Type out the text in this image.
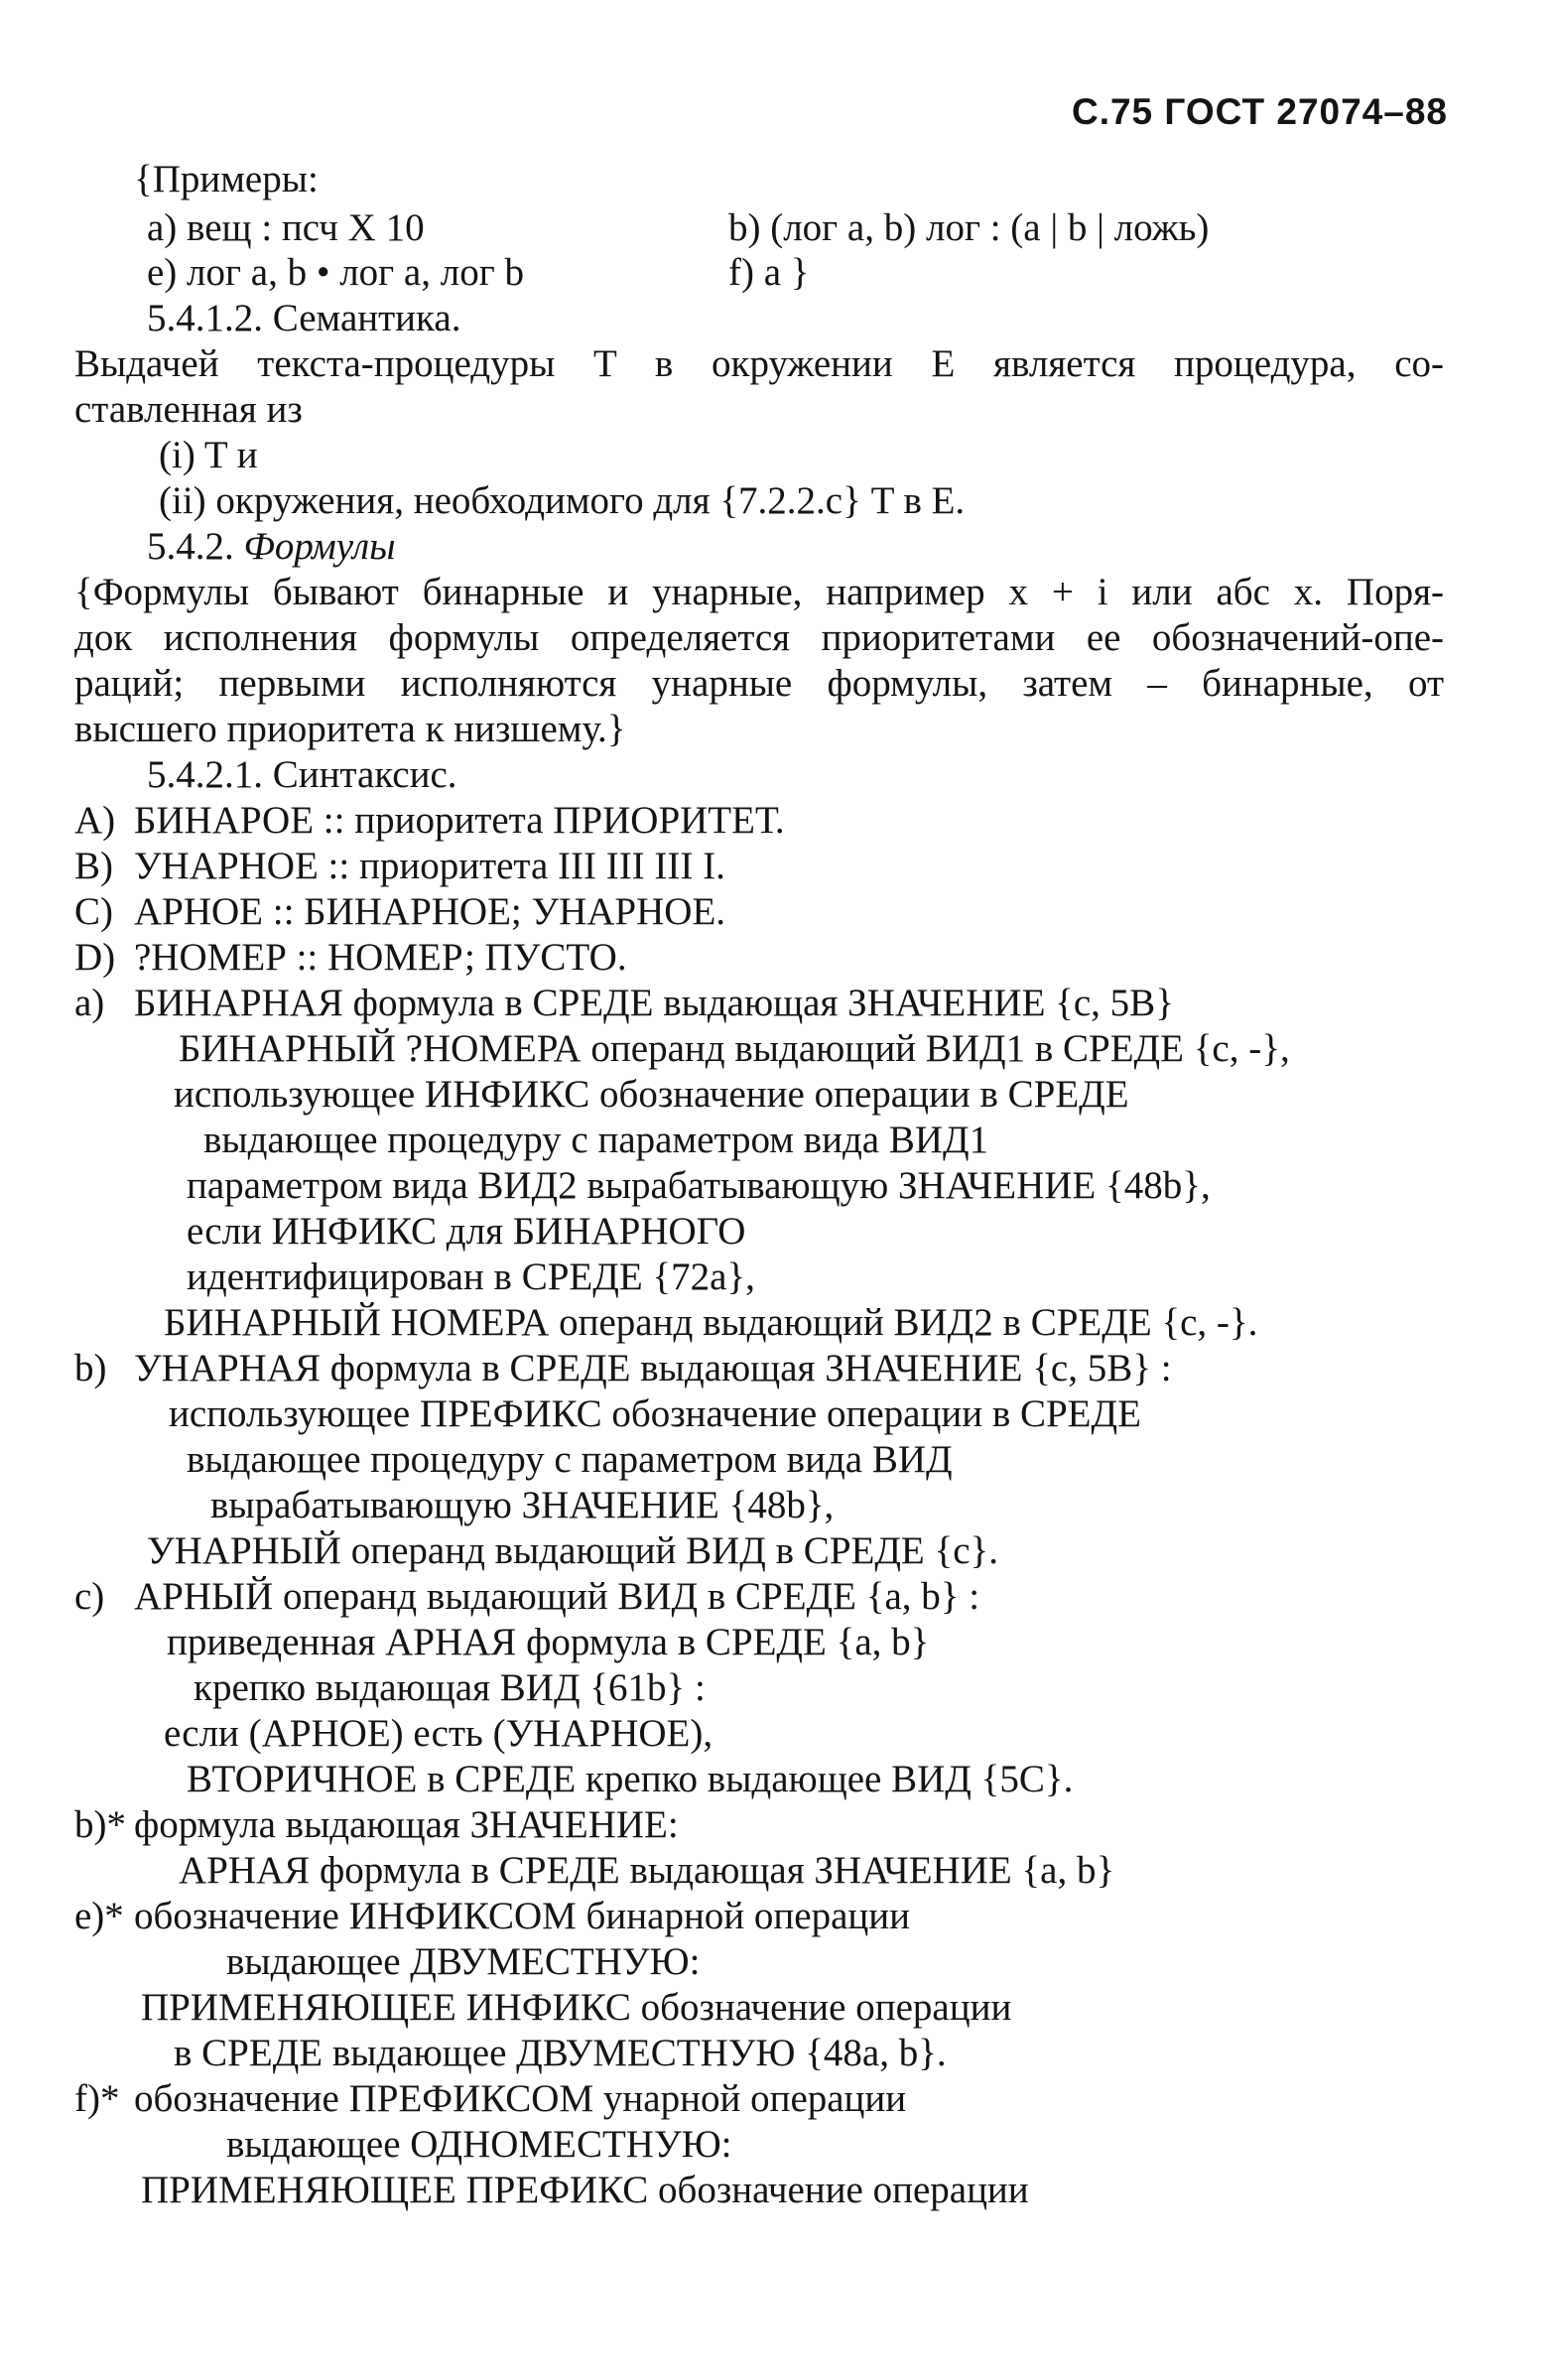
С.75 ГОСТ 27074–88
{Примеры:
a) вещ : псч X 10	b) (лог a, b) лог : (a | b | ложь)
e) лог a, b • лог a, лог b	f) a }
5.4.1.2. Семантика.
Выдачей текста-процедуры T в окружении E является процедура, со-
ставленная из
(i) T и
(ii) окружения, необходимого для {7.2.2.c} T в E.
5.4.2. Формулы
{Формулы бывают бинарные и унарные, например x + i или абс x. Поря-
док исполнения формулы определяется приоритетами ее обозначений-опе-
раций; первыми исполняются унарные формулы, затем – бинарные, от
высшего приоритета к низшему.}
5.4.2.1. Синтаксис.
A) БИНАРОЕ :: приоритета ПРИОРИТЕТ.
B) УНАРНОЕ :: приоритета III III III I.
C) АРНОЕ :: БИНАРНОЕ; УНАРНОЕ.
D) ?НОМЕР :: НОМЕР; ПУСТО.
a) БИНАРНАЯ формула в СРЕДЕ выдающая ЗНАЧЕНИЕ {c, 5B}
БИНАРНЫЙ ?НОМЕРА операнд выдающий ВИД1 в СРЕДЕ {c, -},
использующее ИНФИКС обозначение операции в СРЕДЕ
выдающее процедуру с параметром вида ВИД1
параметром вида ВИД2 вырабатывающую ЗНАЧЕНИЕ {48b},
если ИНФИКС для БИНАРНОГО
идентифицирован в СРЕДЕ {72a},
БИНАРНЫЙ НОМЕРА операнд выдающий ВИД2 в СРЕДЕ {c, -}.
b) УНАРНАЯ формула в СРЕДЕ выдающая ЗНАЧЕНИЕ {c, 5B} :
использующее ПРЕФИКС обозначение операции в СРЕДЕ
выдающее процедуру с параметром вида ВИД
вырабатывающую ЗНАЧЕНИЕ {48b},
УНАРНЫЙ операнд выдающий ВИД в СРЕДЕ {c}.
c) АРНЫЙ операнд выдающий ВИД в СРЕДЕ {a, b} :
приведенная АРНАЯ формула в СРЕДЕ {a, b}
крепко выдающая ВИД {61b} :
если (АРНОЕ) есть (УНАРНОЕ),
ВТОРИЧНОЕ в СРЕДЕ крепко выдающее ВИД {5C}.
b)* формула выдающая ЗНАЧЕНИЕ:
АРНАЯ формула в СРЕДЕ выдающая ЗНАЧЕНИЕ {a, b}
e)* обозначение ИНФИКСОМ бинарной операции
выдающее ДВУМЕСТНУЮ:
ПРИМЕНЯЮЩЕЕ ИНФИКС обозначение операции
в СРЕДЕ выдающее ДВУМЕСТНУЮ {48a, b}.
f)* обозначение ПРЕФИКСОМ унарной операции
выдающее ОДНОМЕСТНУЮ:
ПРИМЕНЯЮЩЕЕ ПРЕФИКС обозначение операции
